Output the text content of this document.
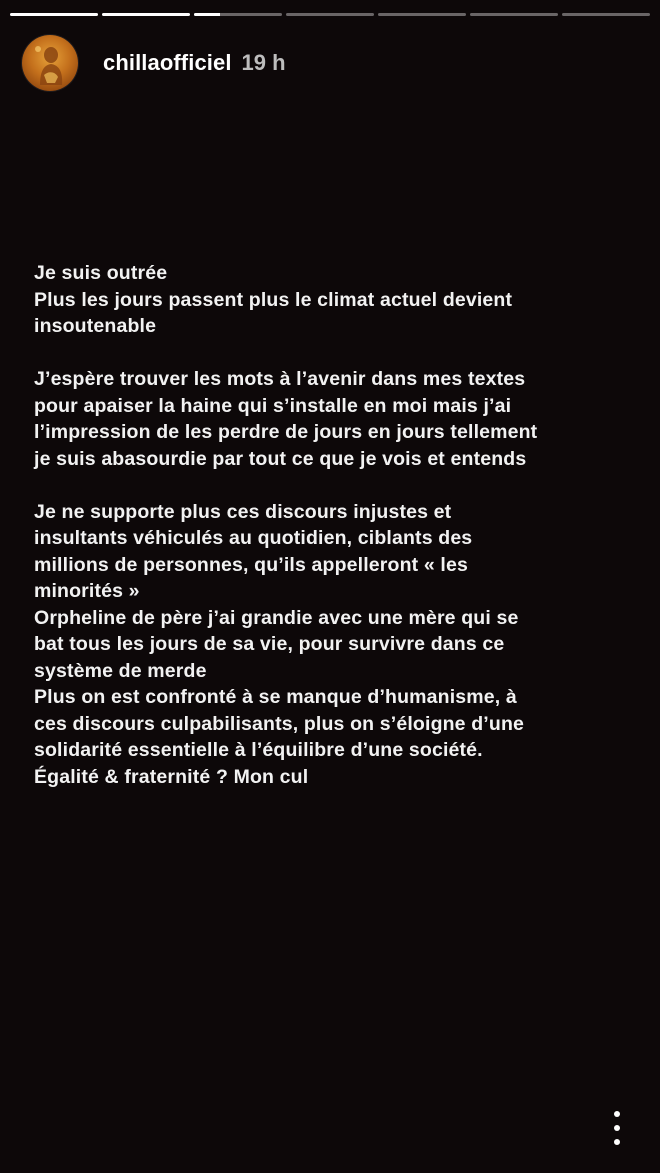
chillaofficiel 19 h
Je suis outrée
Plus les jours passent plus le climat actuel devient
insoutenable
J’espère trouver les mots à l’avenir dans mes textes
pour apaiser la haine qui s’installe en moi mais j’ai
l’impression de les perdre de jours en jours tellement
je suis abasourdie par tout ce que je vois et entends
Je ne supporte plus ces discours injustes et
insultants véhiculés au quotidien, ciblants des
millions de personnes, qu’ils appelleront « les
minorités »
Orpheline de père j’ai grandie avec une mère qui se
bat tous les jours de sa vie, pour survivre dans ce
système de merde
Plus on est confronté à se manque d’humanisme, à
ces discours culpabilisants, plus on s’éloigne d’une
solidarité essentielle à l’équilibre d’une société.
Égalité & fraternité ? Mon cul
